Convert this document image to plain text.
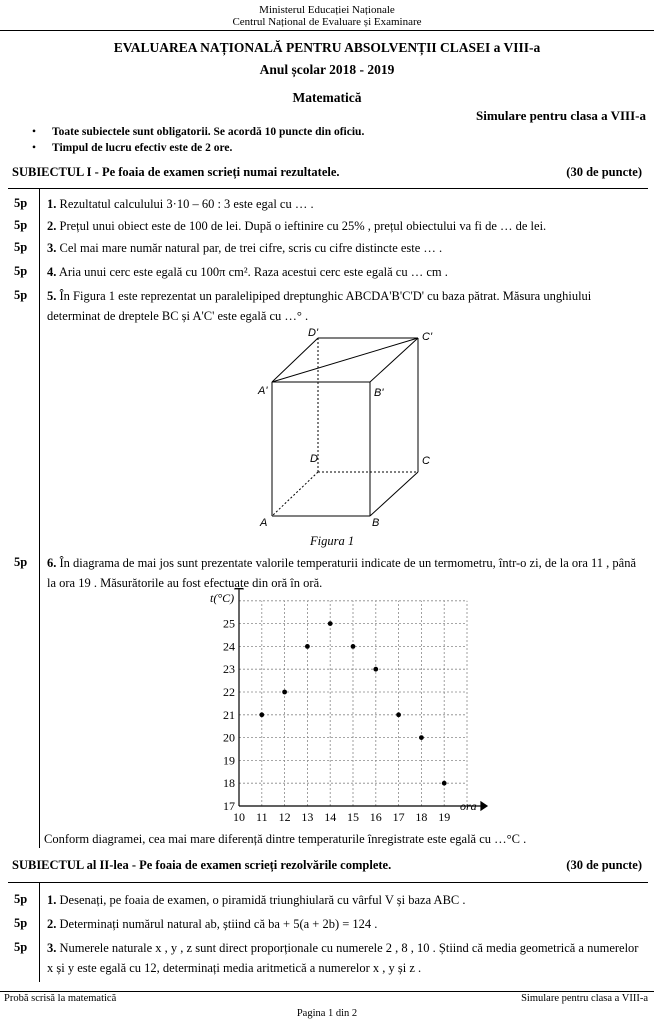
Ministerul Educației Naționale
Centrul Național de Evaluare și Examinare
EVALUAREA NAȚIONALĂ PENTRU ABSOLVENȚII CLASEI a VIII-a
Anul școlar 2018 - 2019
Matematică
Simulare pentru clasa a VIII-a
• Toate subiectele sunt obligatorii. Se acordă 10 puncte din oficiu.
• Timpul de lucru efectiv este de 2 ore.
SUBIECTUL I - Pe foaia de examen scrieți numai rezultatele.	(30 de puncte)
5p 1. Rezultatul calculului 3·10 – 60 : 3 este egal cu … .
5p 2. Prețul unui obiect este de 100 de lei. După o ieftinire cu 25% , prețul obiectului va fi de … de lei.
5p 3. Cel mai mare număr natural par, de trei cifre, scris cu cifre distincte este … .
5p 4. Aria unui cerc este egală cu 100π cm². Raza acestui cerc este egală cu … cm .
5p 5. În Figura 1 este reprezentat un paralelipiped dreptunghic ABCDA'B'C'D' cu baza pătrat. Măsura unghiului determinat de dreptele BC și A'C' este egală cu …° .
D'	C'
A'	B'
D	C
A	B
Figura 1
5p 6. În diagrama de mai jos sunt prezentate valorile temperaturii indicate de un termometru, într-o zi, de la ora 11 , până la ora 19 . Măsurătorile au fost efectuate din oră în oră.
10 11 12 13 14 15 16 17 18 19
17
18
19
20
21
22
23
24
25
t(°C)
ora
Conform diagramei, cea mai mare diferență dintre temperaturile înregistrate este egală cu …°C .
SUBIECTUL al II-lea - Pe foaia de examen scrieți rezolvările complete.	(30 de puncte)
5p 1. Desenați, pe foaia de examen, o piramidă triunghiulară cu vârful V și baza ABC .
5p 2. Determinați numărul natural ab, știind că ba + 5(a + 2b) = 124 .
5p 3. Numerele naturale x , y , z sunt direct proporționale cu numerele 2 , 8 , 10 . Știind că media geometrică a numerelor x și y este egală cu 12, determinați media aritmetică a numerelor x , y și z .
Probă scrisă la matematică	Simulare pentru clasa a VIII-a
Pagina 1 din 2
